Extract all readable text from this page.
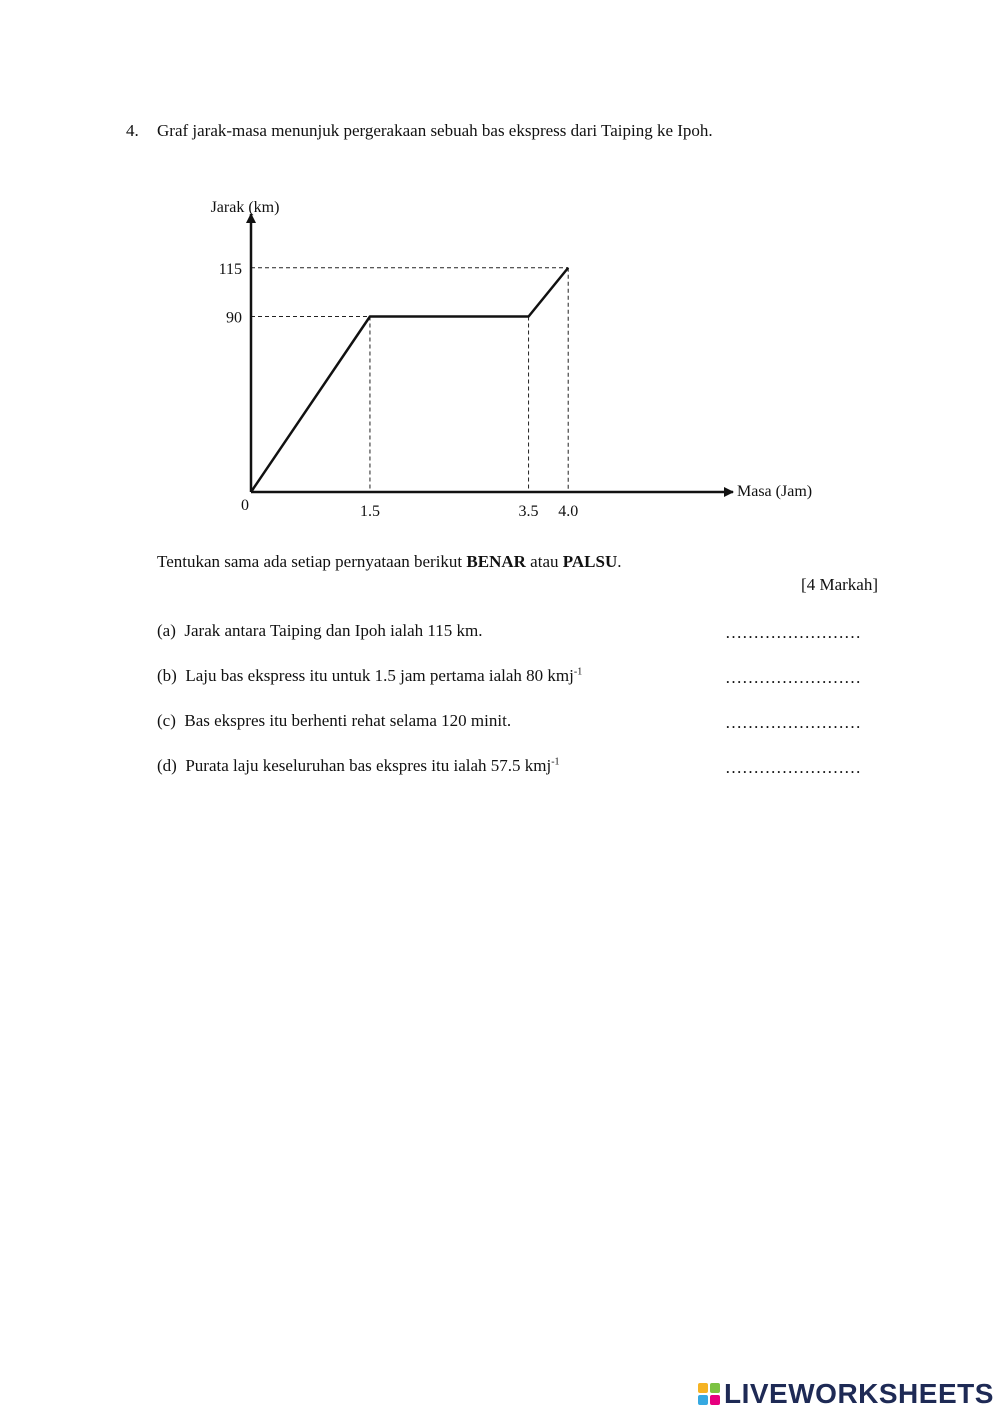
4. Graf jarak-masa menunjuk pergerakaan sebuah bas ekspress dari Taiping ke Ipoh.
Jarak (km)
Masa (Jam)
0	1.5	3.5 4.0
90
115
Tentukan sama ada setiap pernyataan berikut BENAR atau PALSU.
[4 Markah]
(a) Jarak antara Taiping dan Ipoh ialah 115 km.	……………………
(b) Laju bas ekspress itu untuk 1.5 jam pertama ialah 80 kmj$^{-1}$	……………………
(c) Bas ekspres itu berhenti rehat selama 120 minit.	……………………
(d) Purata laju keseluruhan bas ekspres itu ialah 57.5 kmj$^{-1}$	……………………
LIVEWORKSHEETS
